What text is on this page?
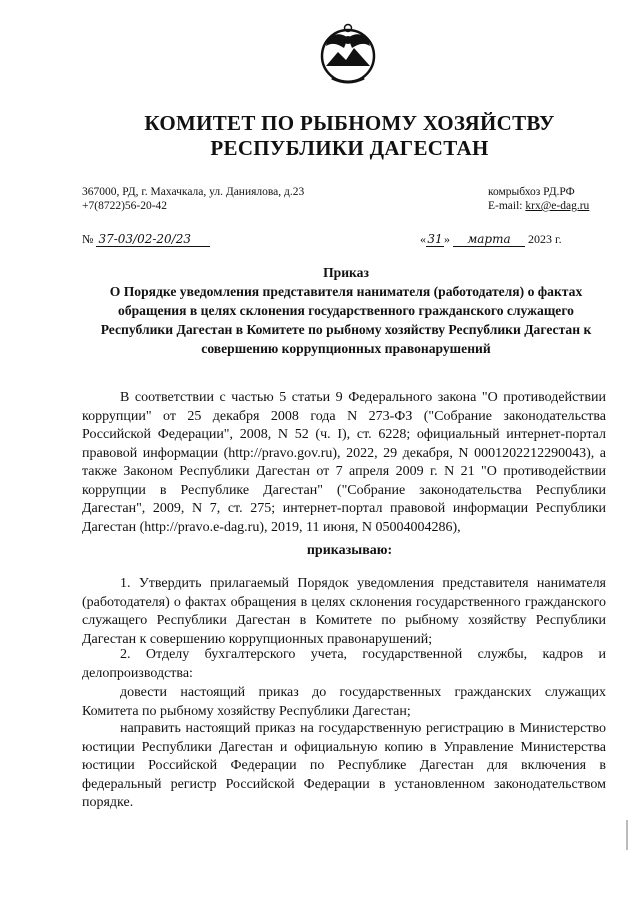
КОМИТЕТ ПО РЫБНОМУ ХОЗЯЙСТВУ
РЕСПУБЛИКИ ДАГЕСТАН
367000, РД, г. Махачкала, ул. Даниялова, д.23
+7(8722)56-20-42
комрыбхоз РД.РФ
E-mail: krx@e-dag.ru
№ 37-03/02-20/23	«31» марта 2023 г.
Приказ
О Порядке уведомления представителя нанимателя (работодателя) о фактах обращения в целях склонения государственного гражданского служащего Республики Дагестан в Комитете по рыбному хозяйству Республики Дагестан к совершению коррупционных правонарушений
В соответствии с частью 5 статьи 9 Федерального закона "О противодействии коррупции" от 25 декабря 2008 года N 273-ФЗ ("Собрание законодательства Российской Федерации", 2008, N 52 (ч. I), ст. 6228; официальный интернет-портал правовой информации (http://pravo.gov.ru), 2022, 29 декабря, N 0001202212290043), а также Законом Республики Дагестан от 7 апреля 2009 г. N 21 "О противодействии коррупции в Республике Дагестан" ("Собрание законодательства Республики Дагестан", 2009, N 7, ст. 275; интернет-портал правовой информации Республики Дагестан (http://pravo.e-dag.ru), 2019, 11 июня, N 05004004286),
приказываю:
1. Утвердить прилагаемый Порядок уведомления представителя нанимателя (работодателя) о фактах обращения в целях склонения государственного гражданского служащего Республики Дагестан в Комитете по рыбному хозяйству Республики Дагестан к совершению коррупционных правонарушений;
2. Отделу бухгалтерского учета, государственной службы, кадров и делопроизводства:
довести настоящий приказ до государственных гражданских служащих Комитета по рыбному хозяйству Республики Дагестан;
направить настоящий приказ на государственную регистрацию в Министерство юстиции Республики Дагестан и официальную копию в Управление Министерства юстиции Российской Федерации по Республике Дагестан для включения в федеральный регистр Российской Федерации в установленном законодательством порядке.
